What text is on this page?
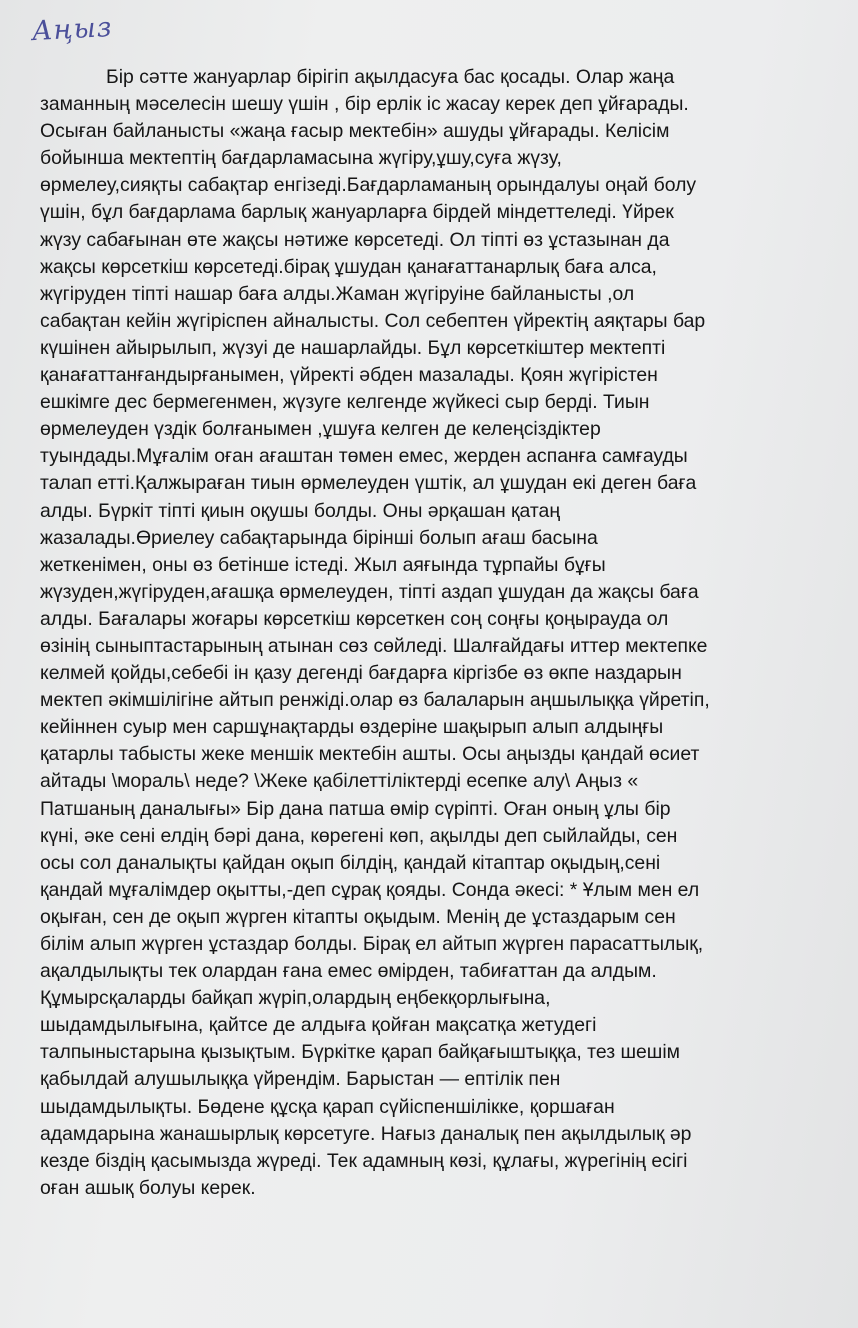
Аңыз
Бір сәтте жануарлар бірігіп ақылдасуға бас қосады. Олар жаңа
заманның мәселесін шешу үшін , бір ерлік іс жасау керек деп ұйғарады.
Осыған байланысты «жаңа ғасыр мектебін» ашуды ұйғарады. Келісім
бойынша мектептің бағдарламасына жүгіру,ұшу,суға жүзу,
өрмелеу,сияқты сабақтар енгізеді.Бағдарламаның орындалуы оңай болу
үшін, бұл бағдарлама барлық жануарларға бірдей міндеттеледі. Үйрек
жүзу сабағынан өте жақсы нәтиже көрсетеді. Ол тіпті өз ұстазынан да
жақсы көрсеткіш көрсетеді.бірақ ұшудан қанағаттанарлық баға алса,
жүгіруден тіпті нашар баға алды.Жаман жүгіруіне байланысты ,ол
сабақтан кейін жүгіріспен айналысты. Сол себептен үйректің аяқтары бар
күшінен айырылып, жүзуі де нашарлайды. Бұл көрсеткіштер мектепті
қанағаттанғандырғанымен, үйректі әбден мазалады. Қоян жүгірістен
ешкімге дес бермегенмен, жүзуге келгенде жүйкесі сыр берді. Тиын
өрмелеуден үздік болғанымен ,ұшуға келген де келеңсіздіктер
туындады.Мұғалім оған ағаштан төмен емес, жерден аспанға самғауды
талап етті.Қалжыраған тиын өрмелеуден үштік, ал ұшудан екі деген баға
алды. Бүркіт тіпті қиын оқушы болды. Оны әрқашан қатаң
жазалады.Өриелеу сабақтарында бірінші болып ағаш басына
жеткенімен, оны өз бетінше істеді. Жыл аяғында тұрпайы бұғы
жүзуден,жүгіруден,ағашқа өрмелеуден, тіпті аздап ұшудан да жақсы баға
алды. Бағалары жоғары көрсеткіш көрсеткен соң соңғы қоңырауда ол
өзінің сыныптастарының атынан сөз сөйледі. Шалғайдағы иттер мектепке
келмей қойды,себебі ін қазу дегенді бағдарға кіргізбе өз өкпе наздарын
мектеп әкімшілігіне айтып ренжіді.олар өз балаларын аңшылыққа үйретіп,
кейіннен суыр мен саршұнақтарды өздеріне шақырып алып алдыңғы
қатарлы табысты жеке меншік мектебін ашты. Осы аңызды қандай өсиет
айтады \мораль\ неде? \Жеке қабілеттіліктерді есепке алу\ Аңыз «
Патшаның даналығы» Бір дана патша өмір сүріпті. Оған оның ұлы бір
күні, әке сені елдің бәрі дана, көрегені көп, ақылды деп сыйлайды, сен
осы сол даналықты қайдан оқып білдің, қандай кітаптар оқыдың,сені
қандай мұғалімдер оқытты,-деп сұрақ қояды. Сонда әкесі: * Ұлым мен ел
оқыған, сен де оқып жүрген кітапты оқыдым. Менің де ұстаздарым сен
білім алып жүрген ұстаздар болды. Бірақ ел айтып жүрген парасаттылық,
ақалдылықты тек олардан ғана емес өмірден, табиғаттан да алдым.
Құмырсқаларды байқап жүріп,олардың еңбекқорлығына,
шыдамдылығына, қайтсе де алдыға қойған мақсатқа жетудегі
талпыныстарына қызықтым. Бүркітке қарап байқағыштыққа, тез шешім
қабылдай алушылыққа үйрендім. Барыстан — ептілік пен
шыдамдылықты. Бөдене құсқа қарап сүйіспеншілікке, қоршаған
адамдарына жанашырлық көрсетуге. Нағыз даналық пен ақылдылық әр
кезде біздің қасымызда жүреді. Тек адамның көзі, құлағы, жүрегінің есігі
оған ашық болуы керек.
